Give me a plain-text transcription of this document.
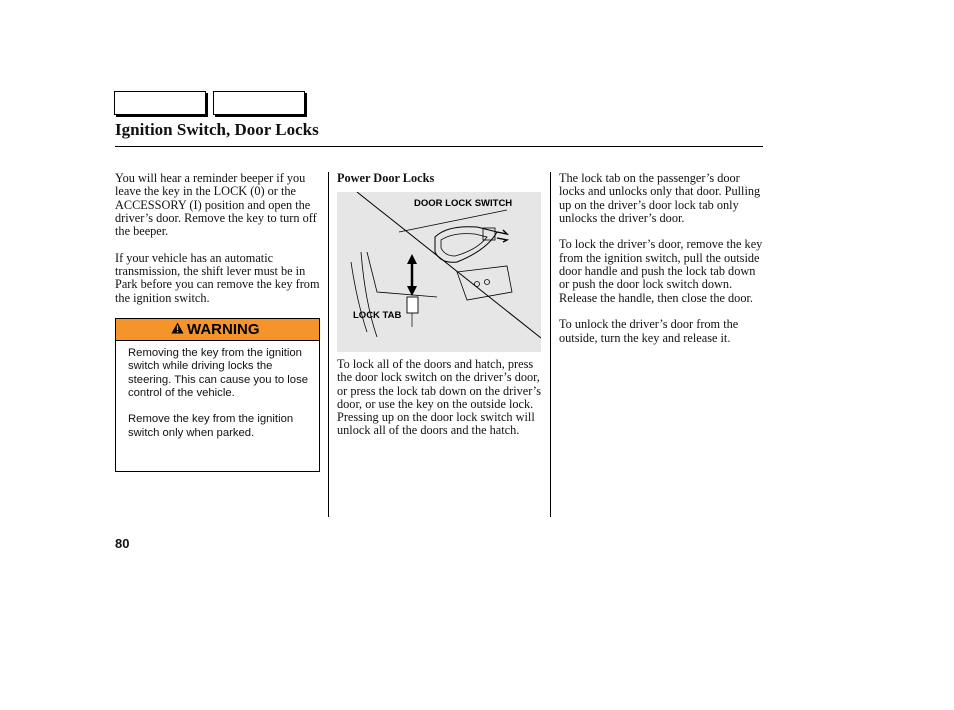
Ignition Switch, Door Locks

You will hear a reminder beeper if you leave the key in the LOCK (0) or the ACCESSORY (I) position and open the driver’s door. Remove the key to turn off the beeper.

If your vehicle has an automatic transmission, the shift lever must be in Park before you can remove the key from the ignition switch.

WARNING

Removing the key from the ignition switch while driving locks the steering. This can cause you to lose control of the vehicle.

Remove the key from the ignition switch only when parked.

Power Door Locks
DOOR LOCK SWITCH
LOCK TAB

To lock all of the doors and hatch, press the door lock switch on the driver’s door, or press the lock tab down on the driver’s door, or use the key on the outside lock. Pressing up on the door lock switch will unlock all of the doors and the hatch.

The lock tab on the passenger’s door locks and unlocks only that door. Pulling up on the driver’s door lock tab only unlocks the driver’s door.

To lock the driver’s door, remove the key from the ignition switch, pull the outside door handle and push the lock tab down or push the door lock switch down. Release the handle, then close the door.

To unlock the driver’s door from the outside, turn the key and release it.

80
